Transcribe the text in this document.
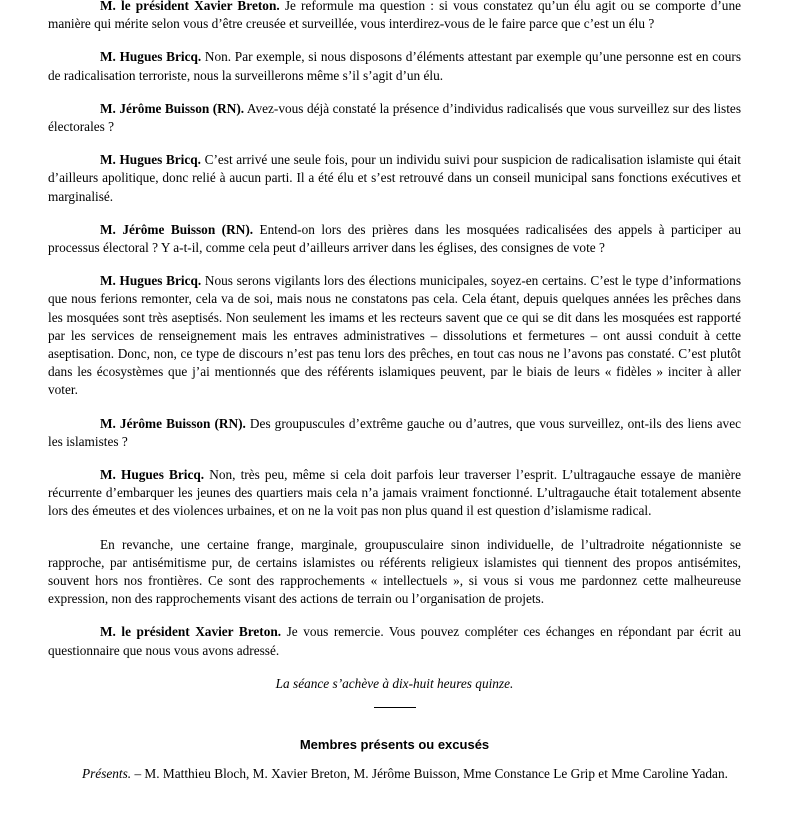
M. le président Xavier Breton. Je reformule ma question : si vous constatez qu’un élu agit ou se comporte d’une manière qui mérite selon vous d’être creusée et surveillée, vous interdirez-vous de le faire parce que c’est un élu ?

M. Hugues Bricq. Non. Par exemple, si nous disposons d’éléments attestant par exemple qu’une personne est en cours de radicalisation terroriste, nous la surveillerons même s’il s’agit d’un élu.

M. Jérôme Buisson (RN). Avez-vous déjà constaté la présence d’individus radicalisés que vous surveillez sur des listes électorales ?

M. Hugues Bricq. C’est arrivé une seule fois, pour un individu suivi pour suspicion de radicalisation islamiste qui était d’ailleurs apolitique, donc relié à aucun parti. Il a été élu et s’est retrouvé dans un conseil municipal sans fonctions exécutives et marginalisé.

M. Jérôme Buisson (RN). Entend-on lors des prières dans les mosquées radicalisées des appels à participer au processus électoral ? Y a-t-il, comme cela peut d’ailleurs arriver dans les églises, des consignes de vote ?

M. Hugues Bricq. Nous serons vigilants lors des élections municipales, soyez-en certains. C’est le type d’informations que nous ferions remonter, cela va de soi, mais nous ne constatons pas cela. Cela étant, depuis quelques années les prêches dans les mosquées sont très aseptisés. Non seulement les imams et les recteurs savent que ce qui se dit dans les mosquées est rapporté par les services de renseignement mais les entraves administratives – dissolutions et fermetures – ont aussi conduit à cette aseptisation. Donc, non, ce type de discours n’est pas tenu lors des prêches, en tout cas nous ne l’avons pas constaté. C’est plutôt dans les écosystèmes que j’ai mentionnés que des référents islamiques peuvent, par le biais de leurs « fidèles » inciter à aller voter.

M. Jérôme Buisson (RN). Des groupuscules d’extrême gauche ou d’autres, que vous surveillez, ont-ils des liens avec les islamistes ?

M. Hugues Bricq. Non, très peu, même si cela doit parfois leur traverser l’esprit. L’ultragauche essaye de manière récurrente d’embarquer les jeunes des quartiers mais cela n’a jamais vraiment fonctionné. L’ultragauche était totalement absente lors des émeutes et des violences urbaines, et on ne la voit pas non plus quand il est question d’islamisme radical.

En revanche, une certaine frange, marginale, groupusculaire sinon individuelle, de l’ultradroite négationniste se rapproche, par antisémitisme pur, de certains islamistes ou référents religieux islamistes qui tiennent des propos antisémites, souvent hors nos frontières. Ce sont des rapprochements « intellectuels », si vous si vous me pardonnez cette malheureuse expression, non des rapprochements visant des actions de terrain ou l’organisation de projets.

M. le président Xavier Breton. Je vous remercie. Vous pouvez compléter ces échanges en répondant par écrit au questionnaire que nous vous avons adressé.

La séance s’achève à dix-huit heures quinze.

Membres présents ou excusés

Présents. – M. Matthieu Bloch, M. Xavier Breton, M. Jérôme Buisson, Mme Constance Le Grip et Mme Caroline Yadan.
